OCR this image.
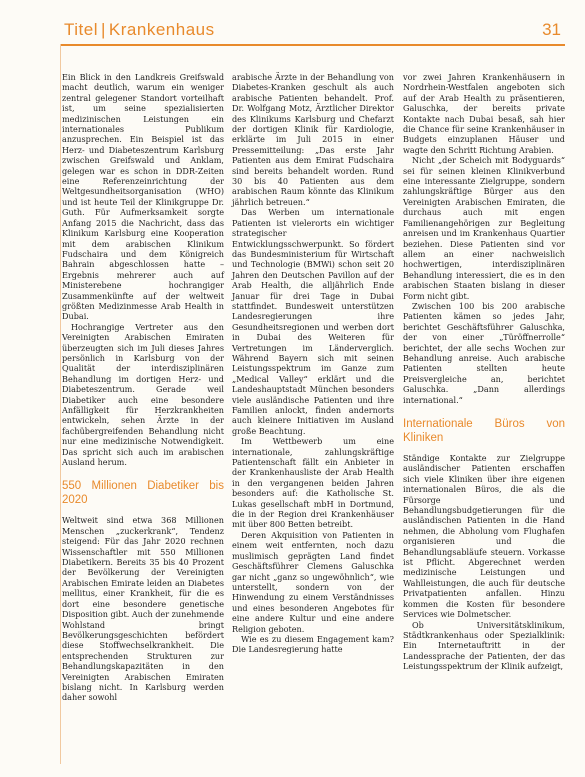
Titel | Krankenhaus	31

Ein Blick in den Landkreis Greifswald macht deutlich, warum ein weniger zentral gelegener Standort vorteilhaft ist, um seine spezialisierten medizinischen Leistungen ein internationales Publikum anzusprechen. Ein Beispiel ist das Herz- und Diabeteszentrum Karlsburg zwischen Greifswald und Anklam, gelegen war es schon in DDR-Zeiten eine Referenzeinrichtung der Weltgesundheitsorganisation (WHO) und ist heute Teil der Klinikgruppe Dr. Guth. Für Aufmerksamkeit sorgte Anfang 2015 die Nachricht, dass das Klinikum Karlsburg eine Kooperation mit dem arabischen Klinikum Fudschaira und dem Königreich Bahrain abgeschlossen hatte – Ergebnis mehrerer auch auf Ministerebene hochrangiger Zusammenkünfte auf der weltweit größten Medizinmesse Arab Health in Dubai.

Hochrangige Vertreter aus den Vereinigten Arabischen Emiraten überzeugten sich im Juli dieses Jahres persönlich in Karlsburg von der Qualität der interdisziplinären Behandlung im dortigen Herz- und Diabeteszentrum. Gerade weil Diabetiker auch eine besondere Anfälligkeit für Herzkrankheiten entwickeln, sehen Ärzte in der fachübergreifenden Behandlung nicht nur eine medizinische Notwendigkeit. Das spricht sich auch im arabischen Ausland herum.

550 Millionen Diabetiker bis 2020

Weltweit sind etwa 368 Millionen Menschen „zuckerkrank“, Tendenz steigend: Für das Jahr 2020 rechnen Wissenschaftler mit 550 Millionen Diabetikern. Bereits 35 bis 40 Prozent der Bevölkerung der Vereinigten Arabischen Emirate leiden an Diabetes mellitus, einer Krankheit, für die es dort eine besondere genetische Disposition gibt. Auch der zunehmende Wohlstand bringt Bevölkerungsgeschichten befördert diese Stoffwechselkrankheit. Die entsprechenden Strukturen zur Behandlungskapazitäten in den Vereinigten Arabischen Emiraten bislang nicht. In Karlsburg werden daher sowohl

arabische Ärzte in der Behandlung von Diabetes-Kranken geschult als auch arabische Patienten behandelt. Prof. Dr. Wolfgang Motz, Ärztlicher Direktor des Klinikums Karlsburg und Chefarzt der dortigen Klinik für Kardiologie, erklärte im Juli 2015 in einer Pressemitteilung: „Das erste Jahr Patienten aus dem Emirat Fudschaira sind bereits behandelt worden. Rund 30 bis 40 Patienten aus dem arabischen Raum könnte das Klinikum jährlich betreuen.“

Das Werben um internationale Patienten ist vielerorts ein wichtiger strategischer Entwicklungsschwerpunkt. So fördert das Bundesministerium für Wirtschaft und Technologie (BMWi) schon seit 20 Jahren den Deutschen Pavillon auf der Arab Health, die alljährlich Ende Januar für drei Tage in Dubai stattfindet. Bundesweit unterstützen Landesregierungen ihre Gesundheitsregionen und werben dort in Dubai des Weiteren für Vertretungen im Länderverglich. Während Bayern sich mit seinen Leistungsspektrum im Ganze zum „Medical Valley“ erklärt und die Landeshauptstadt München besonders viele ausländische Patienten und ihre Familien anlockt, finden andernorts auch kleinere Initiativen im Ausland große Beachtung.

Im Wettbewerb um eine internationale, zahlungskräftige Patientenschaft fällt ein Anbieter in der Krankenhausliste der Arab Health in den vergangenen beiden Jahren besonders auf: die Katholische St. Lukas gesellschaft mbH in Dortmund, die in der Region drei Krankenhäuser mit über 800 Betten betreibt.

Deren Akquisition von Patienten in einem weit entfernten, noch dazu muslimisch geprägten Land findet Geschäftsführer Clemens Galuschka gar nicht „ganz so ungewöhnlich“, wie unterstellt, sondern von der Hinwendung zu einem Verständnisses und eines besonderen Angebotes für eine andere Kultur und eine andere Religion geboten.

Wie es zu diesem Engagement kam? Die Landesregierung hatte

vor zwei Jahren Krankenhäusern in Nordrhein-Westfalen angeboten sich auf der Arab Health zu präsentieren, Galuschka, der bereits private Kontakte nach Dubai besaß, sah hier die Chance für seine Krankenhäuser in Budgets einzuplanen Häuser und wagte den Schritt Richtung Arabien.

Nicht „der Scheich mit Bodyguards“ sei für seinen kleinen Klinikverbund eine interessante Zielgruppe, sondern zahlungskräftige Bürger aus den Vereinigten Arabischen Emiraten, die durchaus auch mit engen Familienangehörigen zur Begleitung anreisen und im Krankenhaus Quartier beziehen. Diese Patienten sind vor allem an einer nachweislich hochwertigen, interdisziplinären Behandlung interessiert, die es in den arabischen Staaten bislang in dieser Form nicht gibt.

Zwischen 100 bis 200 arabische Patienten kämen so jedes Jahr, berichtet Geschäftsführer Galuschka, der von einer „Türöffnerrolle“ berichtet, der alle sechs Wochen zur Behandlung anreise. Auch arabische Patienten stellten heute Preisvergleiche an, berichtet Galuschka. „Dann allerdings international.“

Internationale Büros von Kliniken

Ständige Kontakte zur Zielgruppe ausländischer Patienten erschaffen sich viele Kliniken über ihre eigenen internationalen Büros, die als die Fürsorge und Behandlungsbudgetierungen für die ausländischen Patienten in die Hand nehmen, die Abholung vom Flughafen organisieren und die Behandlungsabläufe steuern. Vorkasse ist Pflicht. Abgerechnet werden medizinische Leistungen und Wahlleistungen, die auch für deutsche Privatpatienten anfallen. Hinzu kommen die Kosten für besondere Services wie Dolmetscher.

Ob Universitätsklinikum, Städtkrankenhaus oder Spezialklinik: Ein Internetauftritt in der Landessprache der Patienten, der das Leistungsspektrum der Klinik aufzeigt,
